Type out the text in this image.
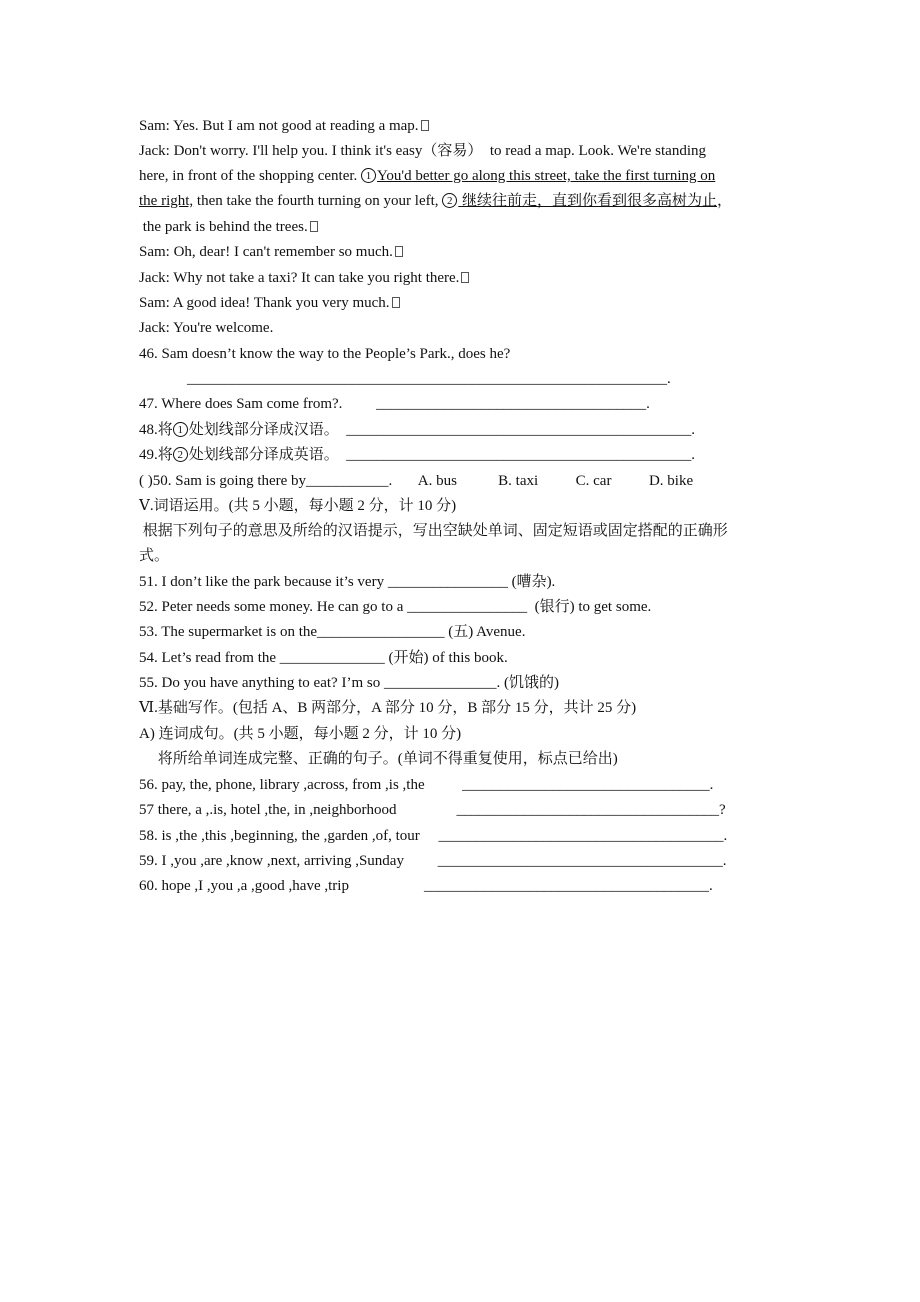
Sam: Yes. But I am not good at reading a map.
Jack: Don't worry. I'll help you. I think it's easy（容易）  to read a map. Look. We're standing
here, in front of the shopping center. 1 You'd better go along this street, take the first turning on
the right, then take the fourth turning on your left, 2 继续往前走，直到你看到很多高树为止，
the park is behind the trees.
Sam: Oh, dear! I can't remember so much.
Jack: Why not take a taxi? It can take you right there.
Sam: A good idea! Thank you very much.
Jack: You're welcome.
46. Sam doesn’t know the way to the People’s Park., does he?
________________________________________________________________.
47. Where does Sam come from?.         ____________________________________.
48.将 1 处划线部分译成汉语。  ______________________________________________.
49.将 2 处划线部分译成英语。  ______________________________________________.
( )50. Sam is going there by___________.       A. bus           B. taxi          C. car          D. bike
Ⅴ.词语运用。(共 5 小题，每小题 2 分，计 10 分)
根据下列句子的意思及所给的汉语提示，写出空缺处单词、固定短语或固定搭配的正确形
式。
51. I don’t like the park because it’s very ________________ (嘈杂).
52. Peter needs some money. He can go to a ________________  (银行) to get some.
53. The supermarket is on the_________________ (五) Avenue.
54. Let’s read from the ______________ (开始) of this book.
55. Do you have anything to eat? I’m so _______________. (饥饿的)
Ⅵ.基础写作。(包括 A、B 两部分，A 部分 10 分，B 部分 15 分，共计 25 分)
A) 连词成句。(共 5 小题，每小题 2 分，计 10 分)
将所给单词连成完整、正确的句子。(单词不得重复使用，标点已给出)
56. pay, the, phone, library ,across, from ,is ,the          _________________________________.
57 there, a ,.is, hotel ,the, in ,neighborhood                ___________________________________?
58. is ,the ,this ,beginning, the ,garden ,of, tour     ______________________________________.
59. I ,you ,are ,know ,next, arriving ,Sunday         ______________________________________.
60. hope ,I ,you ,a ,good ,have ,trip                    ______________________________________.
